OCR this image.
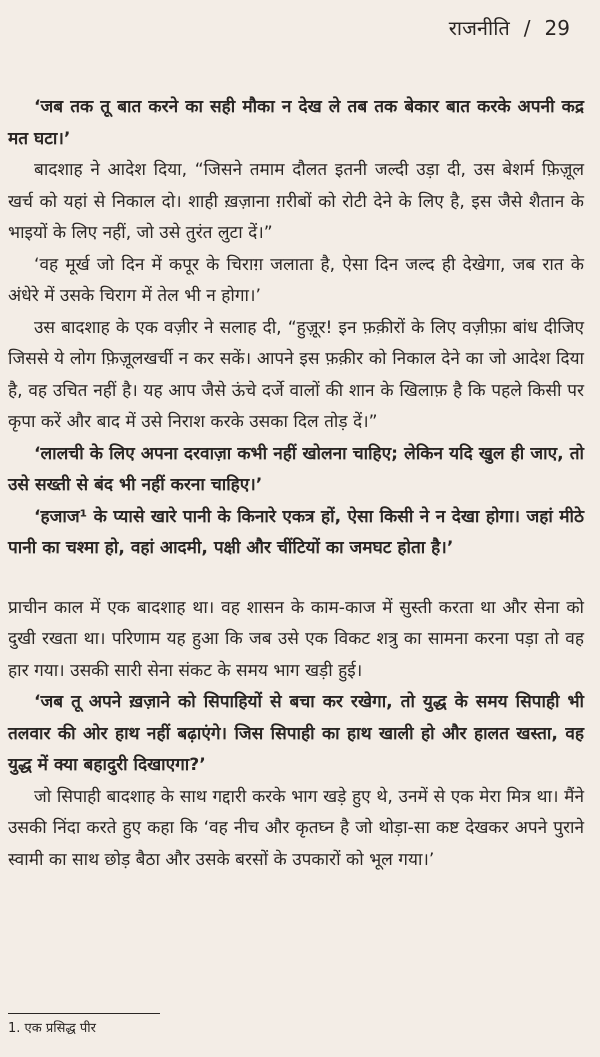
राजनीति / 29

‘जब तक तू बात करने का सही मौका न देख ले तब तक बेकार बात करके अपनी कद्र मत घटा।’

बादशाह ने आदेश दिया, “जिसने तमाम दौलत इतनी जल्दी उड़ा दी, उस बेशर्म फ़िज़ूल खर्च को यहां से निकाल दो। शाही ख़ज़ाना ग़रीबों को रोटी देने के लिए है, इस जैसे शैतान के भाइयों के लिए नहीं, जो उसे तुरंत लुटा दें।”

‘वह मूर्ख जो दिन में कपूर के चिराग़ जलाता है, ऐसा दिन जल्द ही देखेगा, जब रात के अंधेरे में उसके चिराग में तेल भी न होगा।’

उस बादशाह के एक वज़ीर ने सलाह दी, “हुज़ूर! इन फ़क़ीरों के लिए वज़ीफ़ा बांध दीजिए जिससे ये लोग फ़िज़ूलखर्ची न कर सकें। आपने इस फ़क़ीर को निकाल देने का जो आदेश दिया है, वह उचित नहीं है। यह आप जैसे ऊंचे दर्जे वालों की शान के खिलाफ़ है कि पहले किसी पर कृपा करें और बाद में उसे निराश करके उसका दिल तोड़ दें।”

‘लालची के लिए अपना दरवाज़ा कभी नहीं खोलना चाहिए; लेकिन यदि खुल ही जाए, तो उसे सख्ती से बंद भी नहीं करना चाहिए।’

‘हजाज¹ के प्यासे खारे पानी के किनारे एकत्र हों, ऐसा किसी ने न देखा होगा। जहां मीठे पानी का चश्मा हो, वहां आदमी, पक्षी और चींटियों का जमघट होता है।’

प्राचीन काल में एक बादशाह था। वह शासन के काम-काज में सुस्ती करता था और सेना को दुखी रखता था। परिणाम यह हुआ कि जब उसे एक विकट शत्रु का सामना करना पड़ा तो वह हार गया। उसकी सारी सेना संकट के समय भाग खड़ी हुई।

‘जब तू अपने ख़ज़ाने को सिपाहियों से बचा कर रखेगा, तो युद्ध के समय सिपाही भी तलवार की ओर हाथ नहीं बढ़ाएंगे। जिस सिपाही का हाथ खाली हो और हालत खस्ता, वह युद्ध में क्या बहादुरी दिखाएगा?’

जो सिपाही बादशाह के साथ गद्दारी करके भाग खड़े हुए थे, उनमें से एक मेरा मित्र था। मैंने उसकी निंदा करते हुए कहा कि ‘वह नीच और कृतघ्न है जो थोड़ा-सा कष्ट देखकर अपने पुराने स्वामी का साथ छोड़ बैठा और उसके बरसों के उपकारों को भूल गया।’

1. एक प्रसिद्ध पीर
